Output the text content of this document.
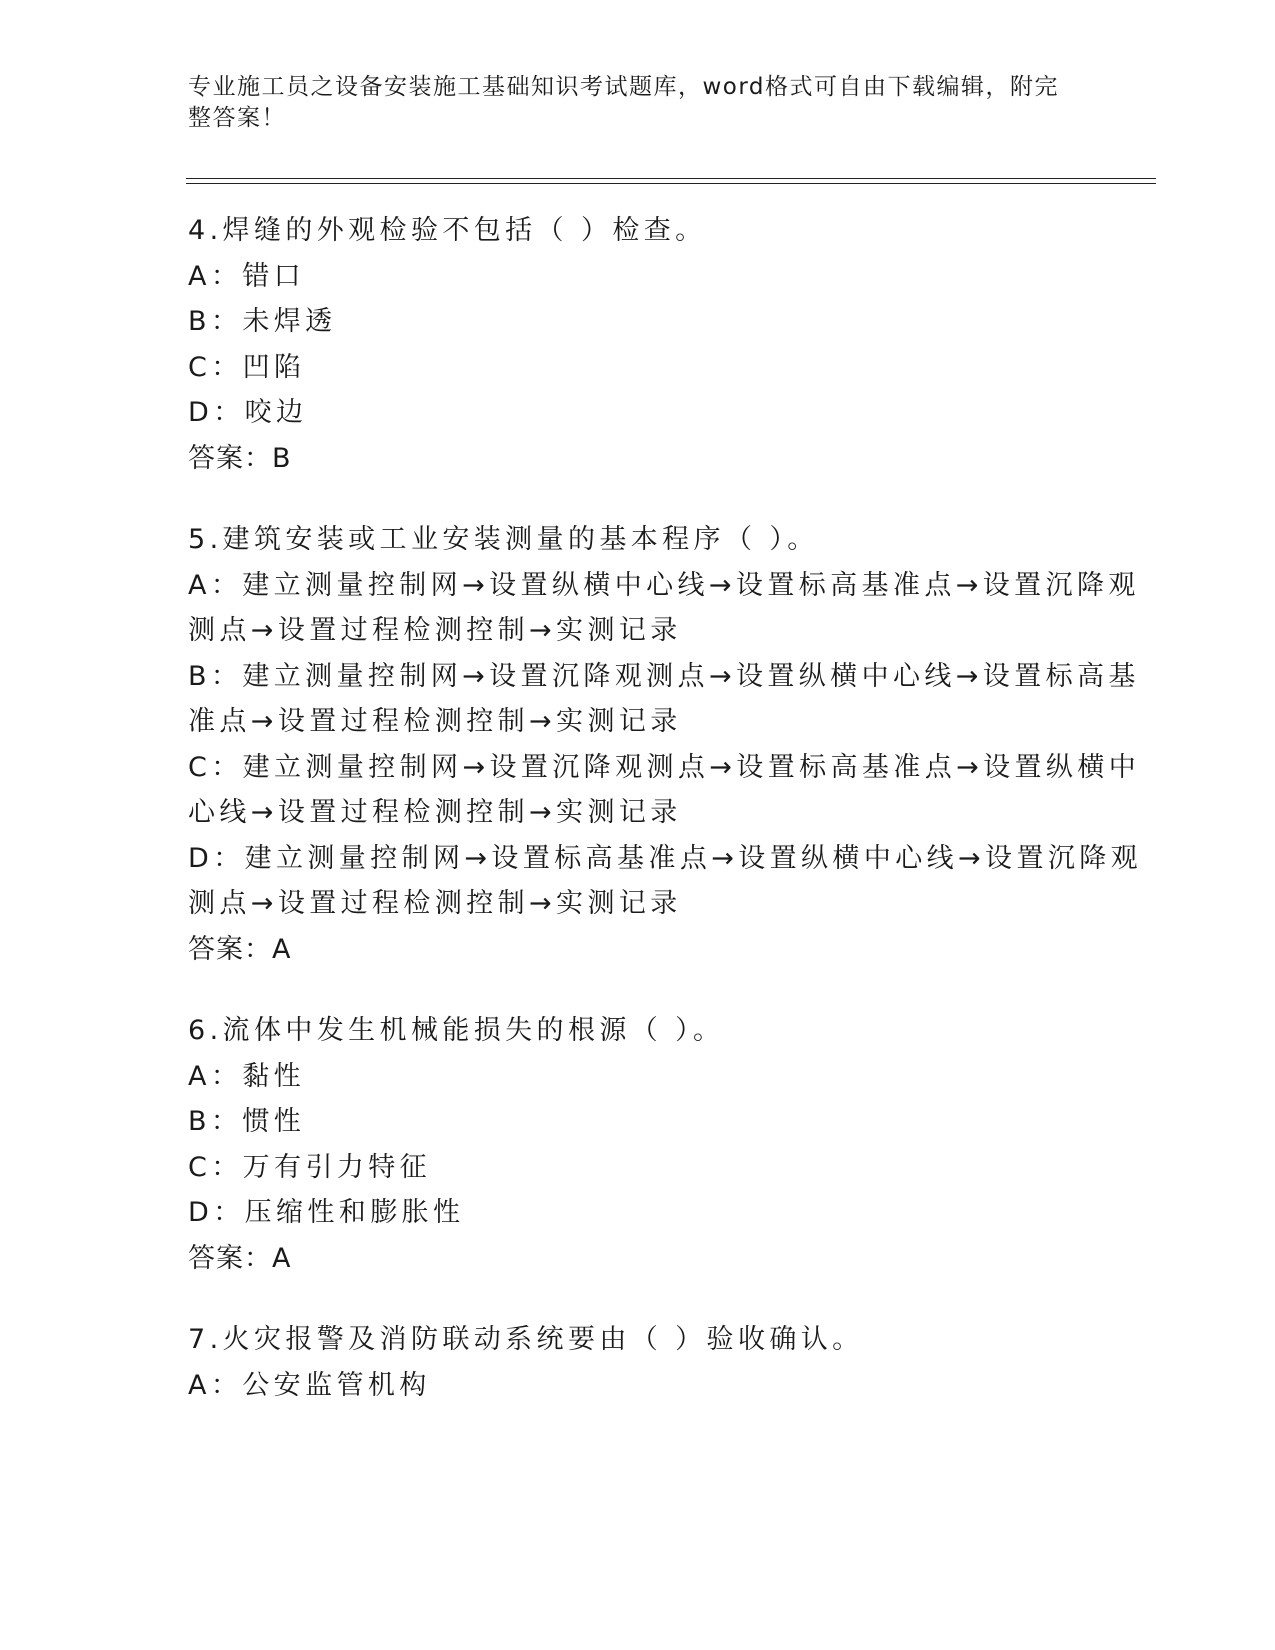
专业施工员之设备安装施工基础知识考试题库，word格式可自由下载编辑，附完
整答案！
4.焊缝的外观检验不包括（ ）检查。
A：错口
B：未焊透
C：凹陷
D：咬边
答案：B
5.建筑安装或工业安装测量的基本程序（ ）。
A：建立测量控制网→设置纵横中心线→设置标高基准点→设置沉降观
测点→设置过程检测控制→实测记录
B：建立测量控制网→设置沉降观测点→设置纵横中心线→设置标高基
准点→设置过程检测控制→实测记录
C：建立测量控制网→设置沉降观测点→设置标高基准点→设置纵横中
心线→设置过程检测控制→实测记录
D：建立测量控制网→设置标高基准点→设置纵横中心线→设置沉降观
测点→设置过程检测控制→实测记录
答案：A
6.流体中发生机械能损失的根源（ ）。
A：黏性
B：惯性
C：万有引力特征
D：压缩性和膨胀性
答案：A
7.火灾报警及消防联动系统要由（ ）验收确认。
A：公安监管机构
